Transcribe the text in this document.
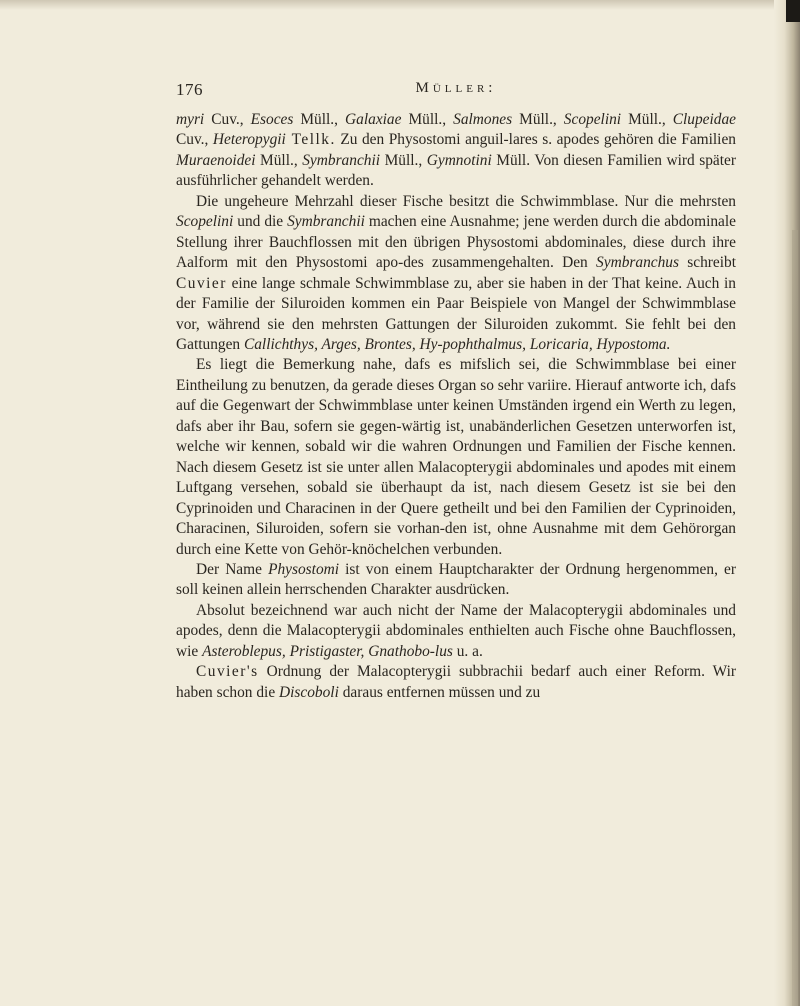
176	Müller:

myri Cuv., Esoces Müll., Galaxiae Müll., Salmones Müll., Scopelini Müll., Clupeidae Cuv., Heteropygii Tellk. Zu den Physostomi anguil-lares s. apodes gehören die Familien Muraenoidei Müll., Symbranchii Müll., Gymnotini Müll. Von diesen Familien wird später ausführlicher gehandelt werden.

Die ungeheure Mehrzahl dieser Fische besitzt die Schwimmblase. Nur die mehrsten Scopelini und die Symbranchii machen eine Ausnahme; jene werden durch die abdominale Stellung ihrer Bauchflossen mit den übrigen Physostomi abdominales, diese durch ihre Aalform mit den Physostomi apo-des zusammengehalten. Den Symbranchus schreibt Cuvier eine lange schmale Schwimmblase zu, aber sie haben in der That keine. Auch in der Familie der Siluroiden kommen ein Paar Beispiele von Mangel der Schwimmblase vor, während sie den mehrsten Gattungen der Siluroiden zukommt. Sie fehlt bei den Gattungen Callichthys, Arges, Brontes, Hy-pophthalmus, Loricaria, Hypostoma.

Es liegt die Bemerkung nahe, dafs es mifslich sei, die Schwimmblase bei einer Eintheilung zu benutzen, da gerade dieses Organ so sehr variire. Hierauf antworte ich, dafs auf die Gegenwart der Schwimmblase unter keinen Umständen irgend ein Werth zu legen, dafs aber ihr Bau, sofern sie gegen-wärtig ist, unabänderlichen Gesetzen unterworfen ist, welche wir kennen, sobald wir die wahren Ordnungen und Familien der Fische kennen. Nach diesem Gesetz ist sie unter allen Malacopterygii abdominales und apodes mit einem Luftgang versehen, sobald sie überhaupt da ist, nach diesem Gesetz ist sie bei den Cyprinoiden und Characinen in der Quere getheilt und bei den Familien der Cyprinoiden, Characinen, Siluroiden, sofern sie vorhan-den ist, ohne Ausnahme mit dem Gehörorgan durch eine Kette von Gehör-knöchelchen verbunden.

Der Name Physostomi ist von einem Hauptcharakter der Ordnung hergenommen, er soll keinen allein herrschenden Charakter ausdrücken.

Absolut bezeichnend war auch nicht der Name der Malacopterygii abdominales und apodes, denn die Malacopterygii abdominales enthielten auch Fische ohne Bauchflossen, wie Asteroblepus, Pristigaster, Gnathobo-lus u. a.

Cuvier's Ordnung der Malacopterygii subbrachii bedarf auch einer Reform. Wir haben schon die Discoboli daraus entfernen müssen und zu
